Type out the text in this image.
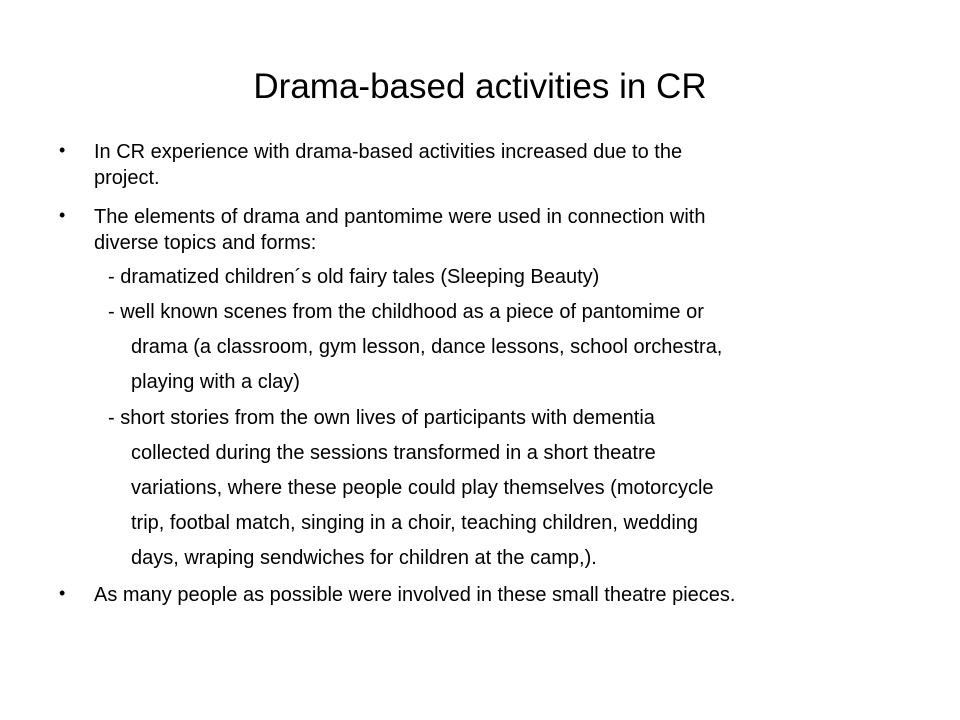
Drama-based activities in CR
• In CR experience with drama-based activities increased due to the
project.
• The elements of drama and pantomime were used in connection with
diverse topics and forms:
- dramatized children´s old fairy tales (Sleeping Beauty)
- well known scenes from the childhood as a piece of pantomime or
drama (a classroom, gym lesson, dance lessons, school orchestra,
playing with a clay)
- short stories from the own lives of participants with dementia
collected during the sessions transformed in a short theatre
variations, where these people could play themselves (motorcycle
trip, footbal match, singing in a choir, teaching children, wedding
days, wraping sendwiches for children at the camp,).
• As many people as possible were involved in these small theatre pieces.
